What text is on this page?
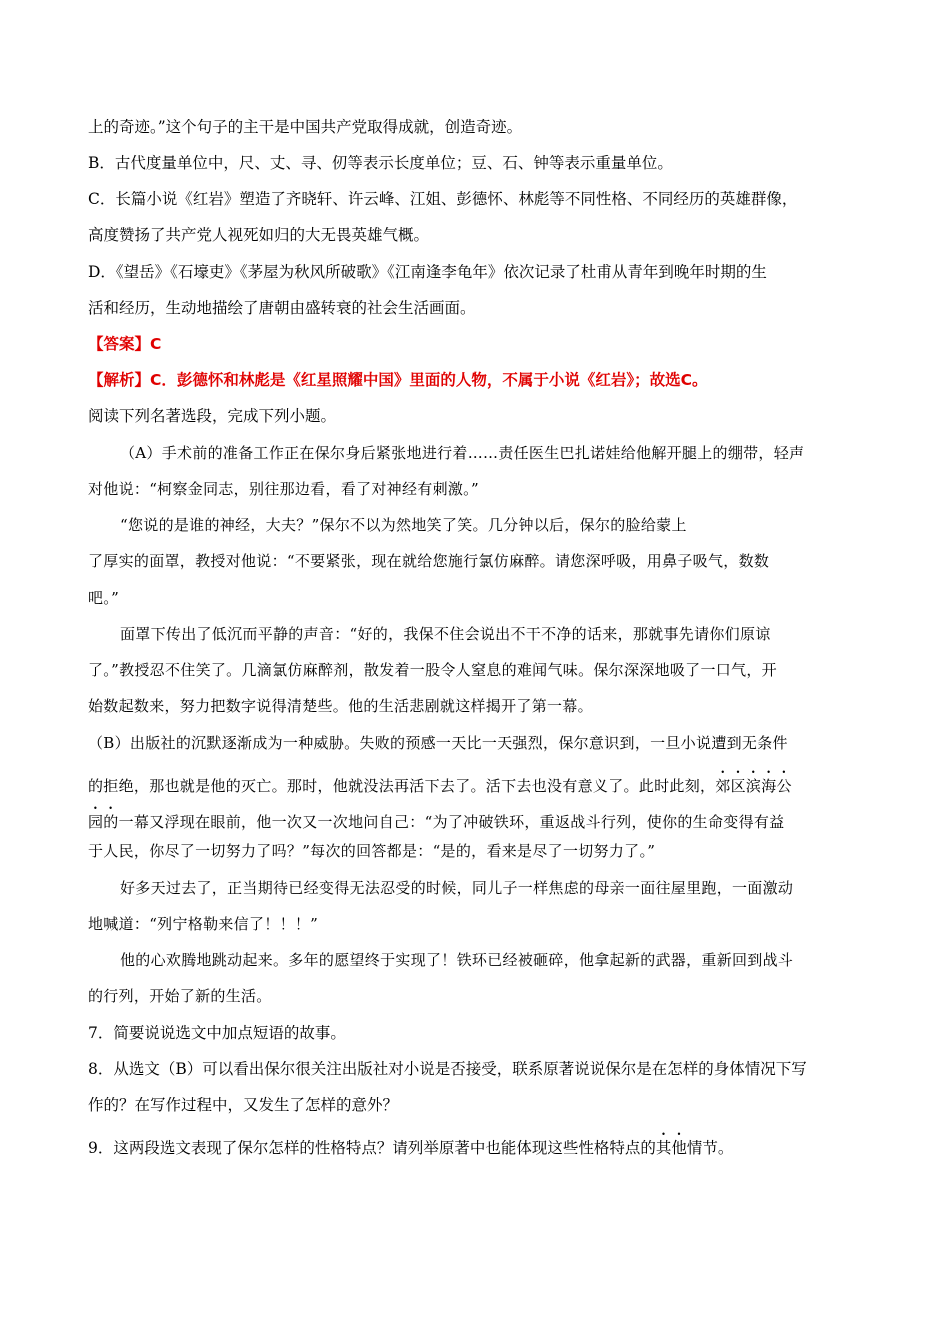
上的奇迹。”这个句子的主干是中国共产党取得成就，创造奇迹。
B．古代度量单位中，尺、丈、寻、仞等表示长度单位；豆、石、钟等表示重量单位。
C．长篇小说《红岩》塑造了齐晓轩、许云峰、江姐、彭德怀、林彪等不同性格、不同经历的英雄群像，
高度赞扬了共产党人视死如归的大无畏英雄气概。
D．《望岳》《石壕吏》《茅屋为秋风所破歌》《江南逢李龟年》依次记录了杜甫从青年到晚年时期的生
活和经历，生动地描绘了唐朝由盛转衰的社会生活画面。
【答案】C
【解析】C．彭德怀和林彪是《红星照耀中国》里面的人物，不属于小说《红岩》；故选C。
阅读下列名著选段，完成下列小题。
（A）手术前的准备工作正在保尔身后紧张地进行着……责任医生巴扎诺娃给他解开腿上的绷带，轻声
对他说：“柯察金同志，别往那边看，看了对神经有刺激。”
“您说的是谁的神经，大夫？”保尔不以为然地笑了笑。几分钟以后，保尔的脸给蒙上
了厚实的面罩，教授对他说：“不要紧张，现在就给您施行氯仿麻醉。请您深呼吸，用鼻子吸气，数数
吧。”
面罩下传出了低沉而平静的声音：“好的，我保不住会说出不干不净的话来，那就事先请你们原谅
了。”教授忍不住笑了。几滴氯仿麻醉剂，散发着一股令人窒息的难闻气味。保尔深深地吸了一口气，开
始数起数来，努力把数字说得清楚些。他的生活悲剧就这样揭开了第一幕。
（B）出版社的沉默逐渐成为一种威胁。失败的预感一天比一天强烈，保尔意识到，一旦小说遭到无条件
的拒绝，那也就是他的灭亡。那时，他就没法再活下去了。活下去也没有意义了。此时此刻，郊区滨海公
园的一幕又浮现在眼前，他一次又一次地问自己：“为了冲破铁环，重返战斗行列，使你的生命变得有益
于人民，你尽了一切努力了吗？”每次的回答都是：“是的，看来是尽了一切努力了。”
好多天过去了，正当期待已经变得无法忍受的时候，同儿子一样焦虑的母亲一面往屋里跑，一面激动
地喊道：“列宁格勒来信了！！！”
他的心欢腾地跳动起来。多年的愿望终于实现了！铁环已经被砸碎，他拿起新的武器，重新回到战斗
的行列，开始了新的生活。
7．简要说说选文中加点短语的故事。
8．从选文（B）可以看出保尔很关注出版社对小说是否接受，联系原著说说保尔是在怎样的身体情况下写
作的？在写作过程中，又发生了怎样的意外？
9．这两段选文表现了保尔怎样的性格特点？请列举原著中也能体现这些性格特点的其他情节。
